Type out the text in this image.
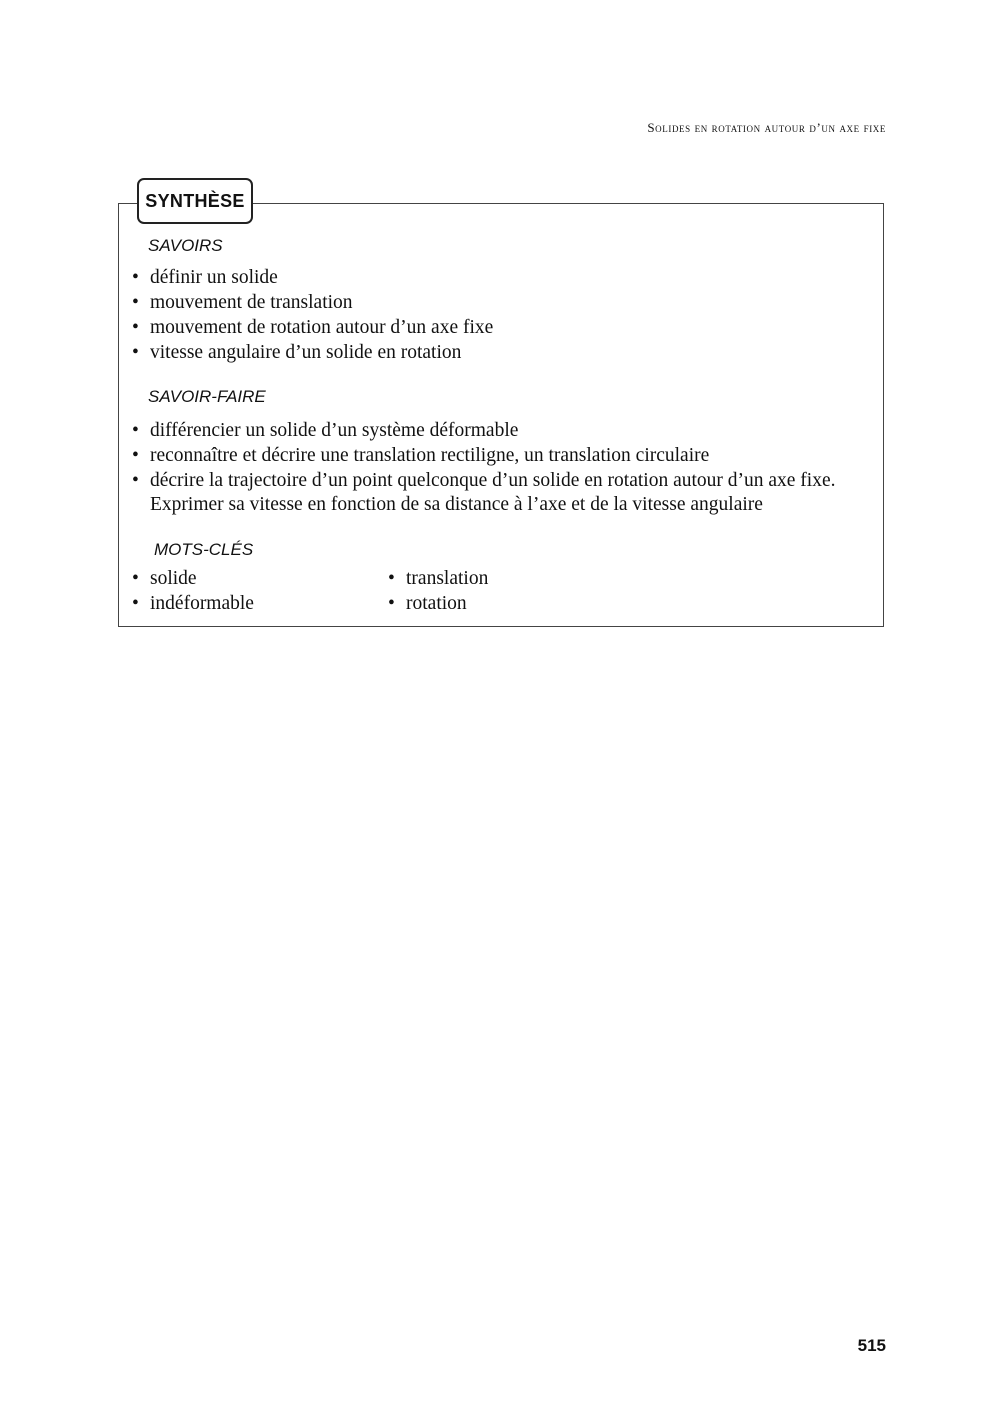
Solides en rotation autour d’un axe fixe
SYNTHÈSE
SAVOIRS
• définir un solide
• mouvement de translation
• mouvement de rotation autour d’un axe fixe
• vitesse angulaire d’un solide en rotation
SAVOIR-FAIRE
• différencier un solide d’un système déformable
• reconnaître et décrire une translation rectiligne, un translation circulaire
• décrire la trajectoire d’un point quelconque d’un solide en rotation autour d’un axe fixe.
Exprimer sa vitesse en fonction de sa distance à l’axe et de la vitesse angulaire
MOTS-CLÉS
• solide
• indéformable
• translation
• rotation
515
